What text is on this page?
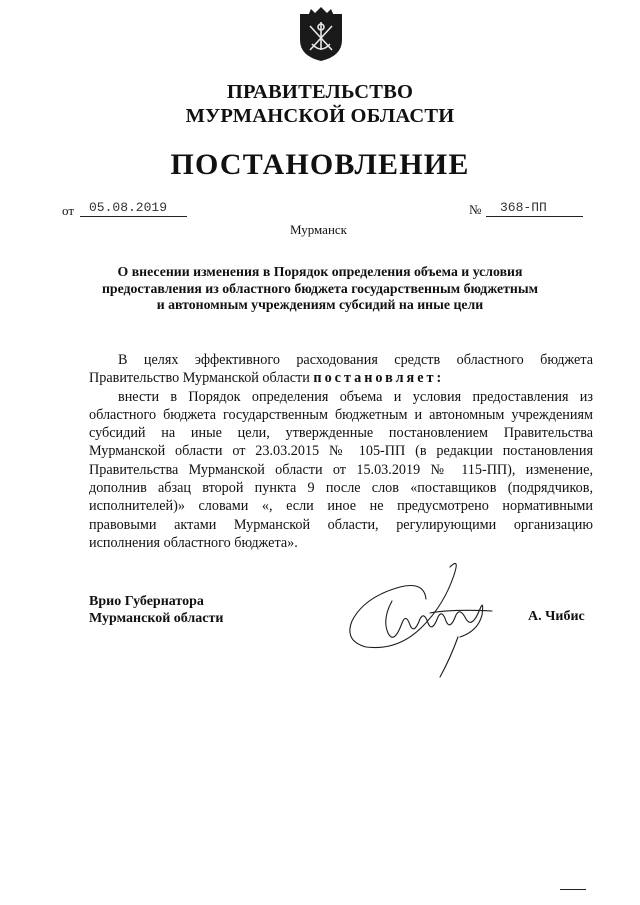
ПРАВИТЕЛЬСТВО
МУРМАНСКОЙ ОБЛАСТИ
ПОСТАНОВЛЕНИЕ
от 05.08.2019	№ 368-ПП
Мурманск
О внесении изменения в Порядок определения объема и условия
предоставления из областного бюджета государственным бюджетным
и автономным учреждениям субсидий на иные цели

В целях эффективного расходования средств областного бюджета Правительство Мурманской области постановляет:

внести в Порядок определения объема и условия предоставления из областного бюджета государственным бюджетным и автономным учреждениям субсидий на иные цели, утвержденные постановлением Правительства Мурманской области от 23.03.2015 № 105-ПП (в редакции постановления Правительства Мурманской области от 15.03.2019 № 115-ПП), изменение, дополнив абзац второй пункта 9 после слов «поставщиков (подрядчиков, исполнителей)» словами «, если иное не предусмотрено нормативными правовыми актами Мурманской области, регулирующими организацию исполнения областного бюджета».

Врио Губернатора
Мурманской области	А. Чибис
